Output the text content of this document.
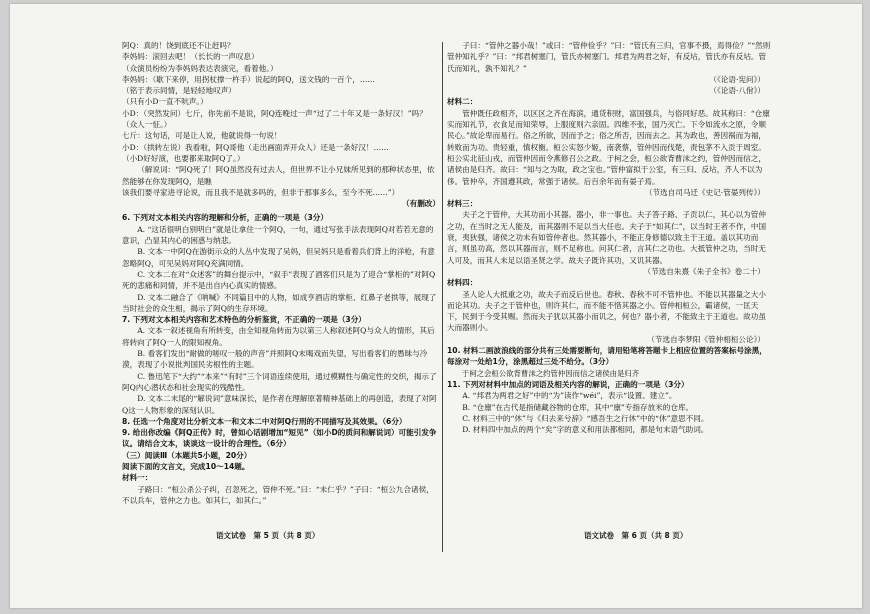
阿Q：真的！饶到底还不让赶吗？

李妈妈：滚回去吧！（长长的一声叹息）

（众演员纷纷为李妈妈表达表演完，看着他。）

李妈妈：（歇下来停，用拐杖撑一杵手）说起的阿Q，送文钱的一百个，……

（铭于表示同情，是轻轻地叹声）

（只有小D一直不吭声。）

小D：（突然发问）七斤，你先前不是说，阿Q连晚过一声“过了二十年又是一条好汉！”吗？

（众人一怔。）

七斤：这句话，可是让人说，他就说得一句说！

小D：（拱转左说）我看啦，阿Q哥他（走出画面弄开众人）还是一条好汉！……

（小D好好演，也要都来取阿Q了。）

（解说词：“阿Q死了！阿Q虽然没有过去人，但世界不让小兄妹所见到的那种状态里，依然能够在你发现阿Q，是瞧

该我们要寻家进寻论说，而且我不是就多吗的，但非于那事多么，至今不死……”）

（有删改）

6. 下列对文本相关内容的理解和分析，正确的一项是（3分）

A. “这话很明白别明白”就是让拿住一个阿Q，一句，通过写张手法表现阿Q对若若无意的意识，凸显其内心的困惑与纳悲。

B. 文本一中阿Q在游街示众的人丛中发现了吴妈，但吴妈只是看着兵们背上的洋枪，有意忽略阿Q，可见吴妈对阿Q充满同情。

C. 文本二在对“众述客”的舞台提示中，“叙手”表现了酒客们只是为了迎合“掌柜的”对阿Q死的悲痛和同情，并不是出自内心真实的情感。

D. 文本二融合了《呐喊》不同篇目中的人物，如成亨酒店的掌柜、红鼻子老拱等，展现了当时社会的众生相，揭示了阿Q的生存环境。

7. 下列对文本相关内容和艺术特色的分析鉴赏，不正确的一项是（3分）

A. 文本一叙述视角有所转变，由全知视角转而为以第三人称叙述阿Q与众人的情形，其后将转向了阿Q一人的限知视角。

B. 看客们发出“耐做的嗟叹一般的声音”并照阿Q末喝戏而失望，写出看客们的愚昧与冷漠，表现了小说批判国民劣根性的主题。

C. 鲁迅笔下“大约”“本来”“有时”三个词语连续使用，通过模糊性与确定性的交织，揭示了阿Q内心潜状态和社会现实的残酷性。

D. 文本二末尾的“解说词”意味深长，是作者在理解原著精神基础上的再创造，表现了对阿Q这一人物形象的深刻认识。

8. 任选一个角度对比分析文本一和文本二中对阿Q行刑的不同描写及其效果。（6分）

9. 给出你改编《阿Q正传》时，曾如心话剧增加“短见”（如小D的质问和解说词）可能引发争议。请结合文本，谈谈这一设计的合理性。（6分）

（三）阅读Ⅲ（本题共5小题，20分）

阅读下面的文言文，完成10～14题。

材料一：

子路曰：“桓公杀公子纠，召忽死之，管仲不死。”曰：“未仁乎？”子曰：“桓公九合诸侯，不以兵车，管仲之力也。如其仁，如其仁。”

子曰：“管仲之器小哉！”或曰：“管仲俭乎？”曰：“管氏有三归，官事不摄，焉得俭？”“然则管仲知礼乎？”曰：“邦君树塞门，管氏亦树塞门。邦君为两君之好，有反坫，管氏亦有反坫。管氏而知礼，孰不知礼？”

（《论语·宪问》）

（《论语·八佾》）

材料二：

管仲既任政相齐，以区区之齐在海滨，通货积财，富国强兵，与俗同好恶。故其称曰：“仓廪实而知礼节，衣食足而知荣辱，上服度则六亲固。四维不张，国乃灭亡。下令如流水之原，令顺民心。”故论卑而易行。俗之所欲，因而予之；俗之所否，因而去之。其为政也，善因祸而为福，转败而为功。贵轻重，慎权衡。桓公实怒少姬，南袭蔡，管仲因而伐楚，责包茅不入贡于周室。桓公实北征山戎，而管仲因而令燕修召公之政。于柯之会，桓公欲背曹沫之约，管仲因而信之，诸侯由是归齐。故曰：“知与之为取，政之宝也。”管仲富拟于公室，有三归、反坫，齐人不以为侈。管仲卒，齐国遵其政，常强于诸侯。后百余年而有晏子焉。

（节选自司马迁《史记·管晏列传》）

材料三：

夫子之于管仲，大其功而小其器。器小，非一事也。夫子答子路、子贡以仁，其心以为管仲之功，在当时之无人能及，而其器则不足以当大任也。夫子于“如其仁”，以当时王者不作，中国衰，夷狄强，诸侯之功未有如管仲者也。然其器小，不能正身修德以致主于王道。盖以其功而言，则虽功高，然以其器而言，则不足称也。问其仁者，言其仁之功也。大抵管仲之功，当时无人可及，而其人未足以语圣贤之学。故夫子既许其功，又讥其器。

（节选自朱熹《朱子全书》卷二十）

材料四：

圣人论人大抵重之功，故夫子而反后世也。春秋、春秋不可不管仲也。不能以其器量之大小而论其功。夫子之于管仲也，则许其仁，而不能不惜其器之小。管仲相桓公，霸诸侯，一匡天下，民到于今受其赐。然而夫子犹以其器小而讥之，何也？器小者，不能致主于王道也。故功虽大而器则小。

（节选自李梦阳《管仲相桓公论》）

10. 材料二画波浪线的部分共有三处需要断句，请用铅笔将答题卡上相应位置的答案标号涂黑，每涂对一处给1分，涂黑超过三处不给分。（3分）

于柯之会桓公欲背曹沫之约管仲因而信之诸侯由是归齐

11. 下列对材料中加点的词语及相关内容的解说，正确的一项是（3分）

A. “邦君为两君之好”中的“为”读作“wéi”，表示“设置、建立”。

B. “仓廪”在古代是指储藏谷物的仓库，其中“廪”专指存放米的仓库。

C. 材料三中的“休”与《归去来兮辞》“感吾生之行休”中的“休”意思不同。

D. 材料四中加点的两个“矣”字的意义和用法都相同，都是句末语气助词。

语文试卷　第 5 页（共 8 页）	语文试卷　第 6 页（共 8 页）
